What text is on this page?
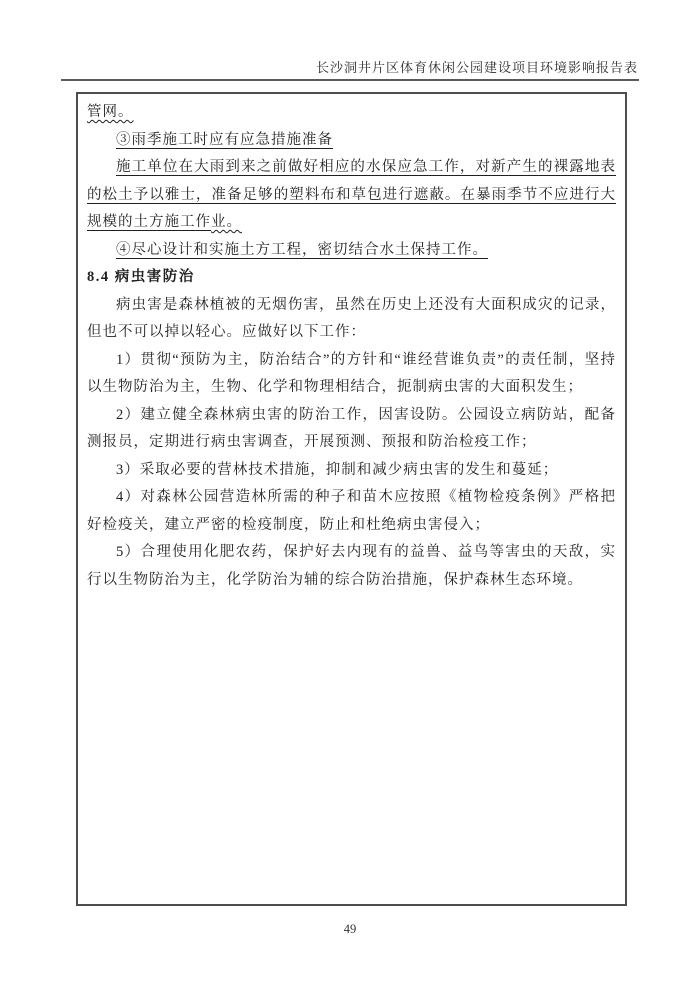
长沙洞井片区体育休闲公园建设项目环境影响报告表

管网。

③雨季施工时应有应急措施准备

施工单位在大雨到来之前做好相应的水保应急工作，对新产生的裸露地表的松土予以雅士，准备足够的塑料布和草包进行遮蔽。在暴雨季节不应进行大规模的土方施工作业。

④尽心设计和实施土方工程，密切结合水土保持工作。

8.4 病虫害防治

病虫害是森林植被的无烟伤害，虽然在历史上还没有大面积成灾的记录，但也不可以掉以轻心。应做好以下工作：

1）贯彻“预防为主，防治结合”的方针和“谁经营谁负责”的责任制，坚持以生物防治为主，生物、化学和物理相结合，扼制病虫害的大面积发生；

2）建立健全森林病虫害的防治工作，因害设防。公园设立病防站，配备测报员，定期进行病虫害调查，开展预测、预报和防治检疫工作；

3）采取必要的营林技术措施，抑制和减少病虫害的发生和蔓延；

4）对森林公园营造林所需的种子和苗木应按照《植物检疫条例》严格把好检疫关，建立严密的检疫制度，防止和杜绝病虫害侵入；

5）合理使用化肥农药，保护好去内现有的益兽、益鸟等害虫的天敌，实行以生物防治为主，化学防治为辅的综合防治措施，保护森林生态环境。

49
